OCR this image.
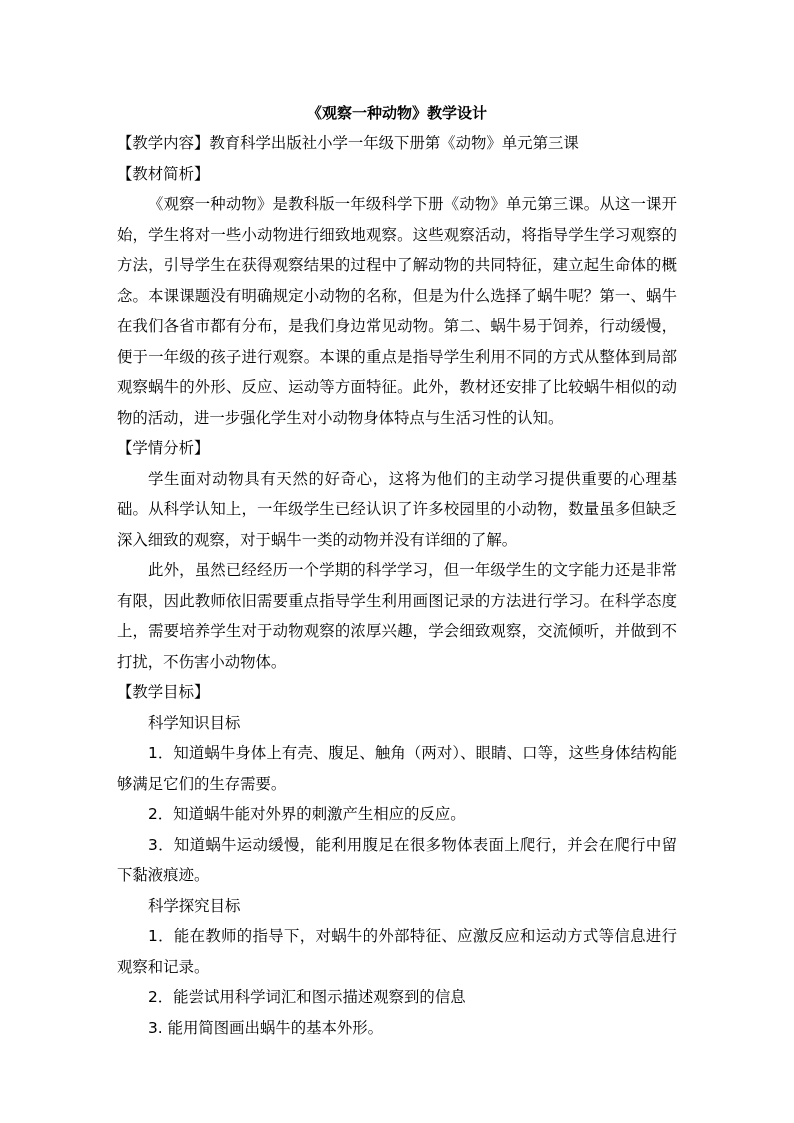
《观察一种动物》教学设计
【教学内容】教育科学出版社小学一年级下册第《动物》单元第三课
【教材简析】

《观察一种动物》是教科版一年级科学下册《动物》单元第三课。从这一课开始，学生将对一些小动物进行细致地观察。这些观察活动，将指导学生学习观察的方法，引导学生在获得观察结果的过程中了解动物的共同特征，建立起生命体的概念。本课课题没有明确规定小动物的名称，但是为什么选择了蜗牛呢？第一、蜗牛在我们各省市都有分布，是我们身边常见动物。第二、蜗牛易于饲养，行动缓慢，便于一年级的孩子进行观察。本课的重点是指导学生利用不同的方式从整体到局部观察蜗牛的外形、反应、运动等方面特征。此外，教材还安排了比较蜗牛相似的动物的活动，进一步强化学生对小动物身体特点与生活习性的认知。

【学情分析】

学生面对动物具有天然的好奇心，这将为他们的主动学习提供重要的心理基础。从科学认知上，一年级学生已经认识了许多校园里的小动物，数量虽多但缺乏深入细致的观察，对于蜗牛一类的动物并没有详细的了解。

此外，虽然已经经历一个学期的科学学习，但一年级学生的文字能力还是非常有限，因此教师依旧需要重点指导学生利用画图记录的方法进行学习。在科学态度上，需要培养学生对于动物观察的浓厚兴趣，学会细致观察，交流倾听，并做到不打扰，不伤害小动物体。

【教学目标】
科学知识目标

1．知道蜗牛身体上有壳、腹足、触角（两对）、眼睛、口等，这些身体结构能够满足它们的生存需要。

2．知道蜗牛能对外界的刺激产生相应的反应。

3．知道蜗牛运动缓慢，能利用腹足在很多物体表面上爬行，并会在爬行中留下黏液痕迹。

科学探究目标

1．能在教师的指导下，对蜗牛的外部特征、应激反应和运动方式等信息进行观察和记录。

2．能尝试用科学词汇和图示描述观察到的信息

3. 能用简图画出蜗牛的基本外形。
